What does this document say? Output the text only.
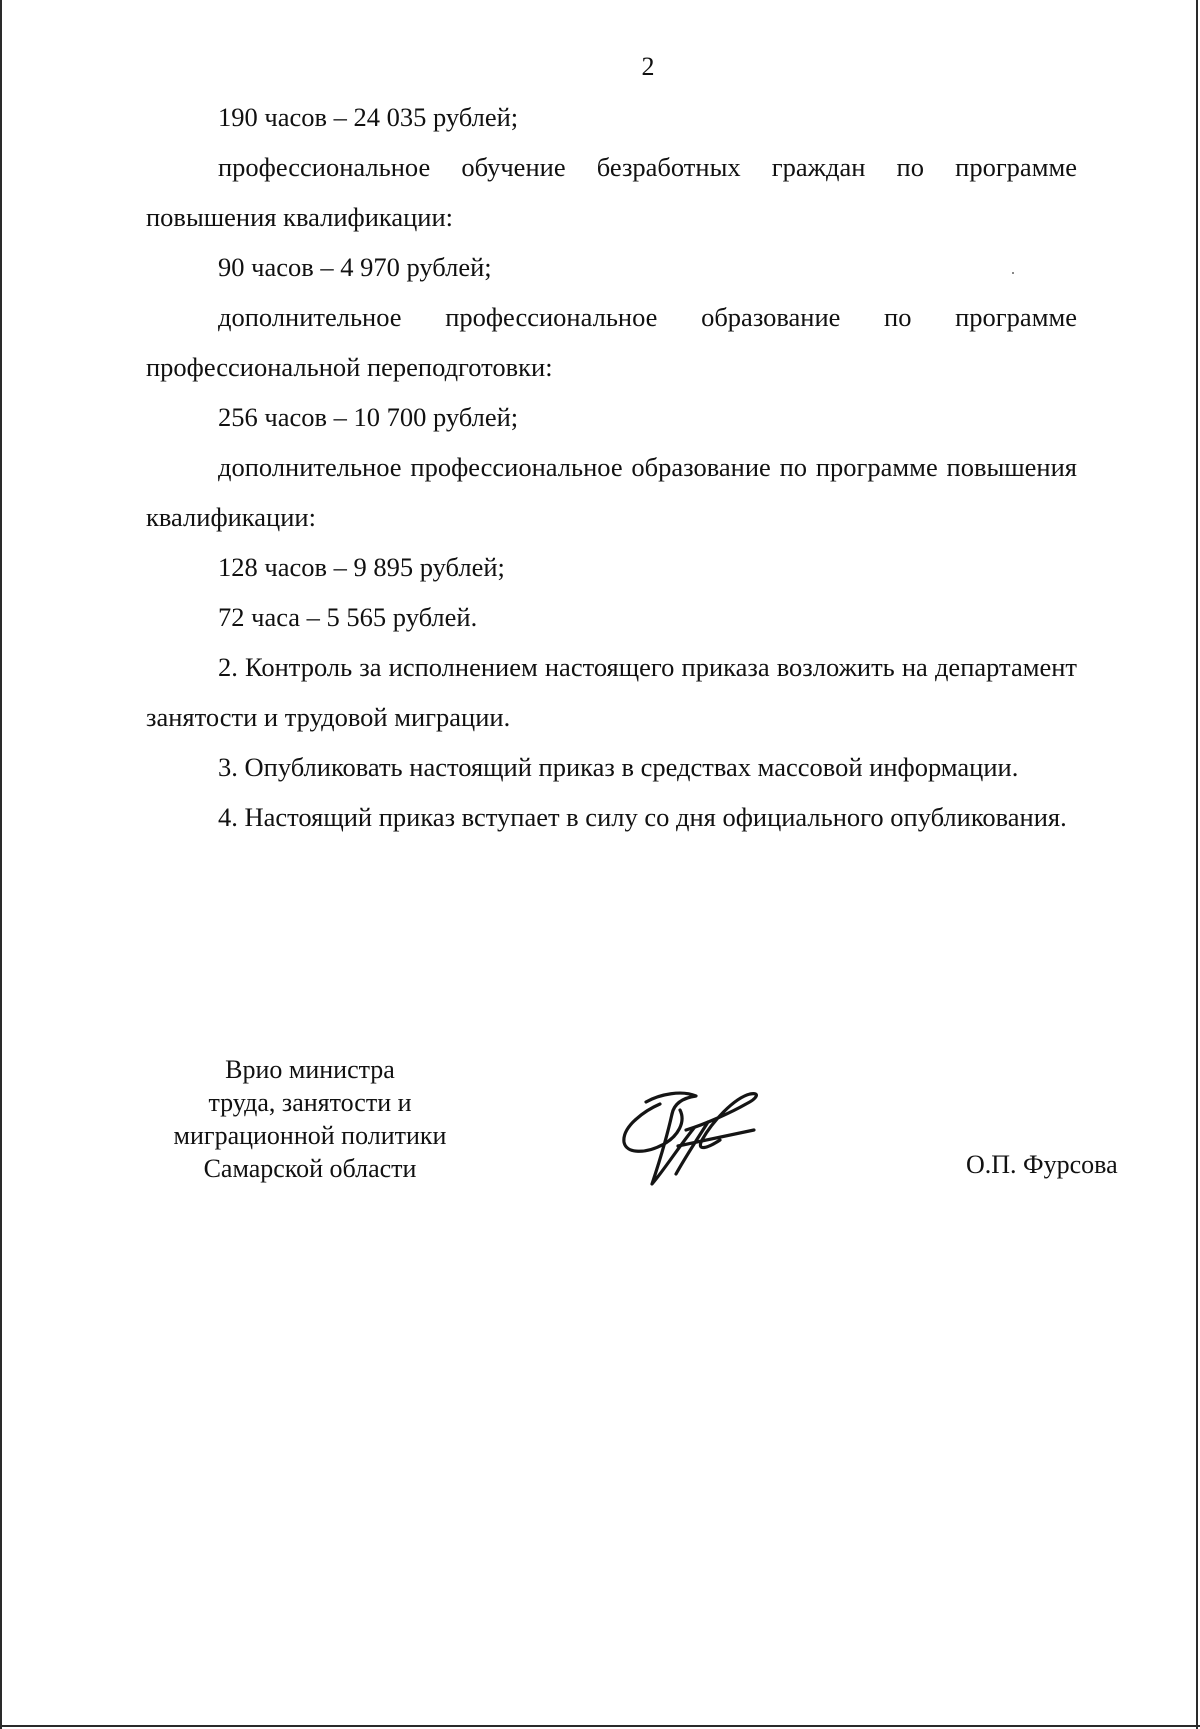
2

190 часов – 24 035 рублей;

профессиональное обучение безработных граждан по программе повышения квалификации:

90 часов – 4 970 рублей;

дополнительное профессиональное образование по программе профессиональной переподготовки:

256 часов – 10 700 рублей;

дополнительное профессиональное образование по программе повышения квалификации:

128 часов – 9 895 рублей;

72 часа – 5 565 рублей.

2. Контроль за исполнением настоящего приказа возложить на департамент занятости и трудовой миграции.

3. Опубликовать настоящий приказ в средствах массовой информации.

4. Настоящий приказ вступает в силу со дня официального опубликования.

Врио министра
труда, занятости и
миграционной политики
Самарской области	О.П. Фурсова
